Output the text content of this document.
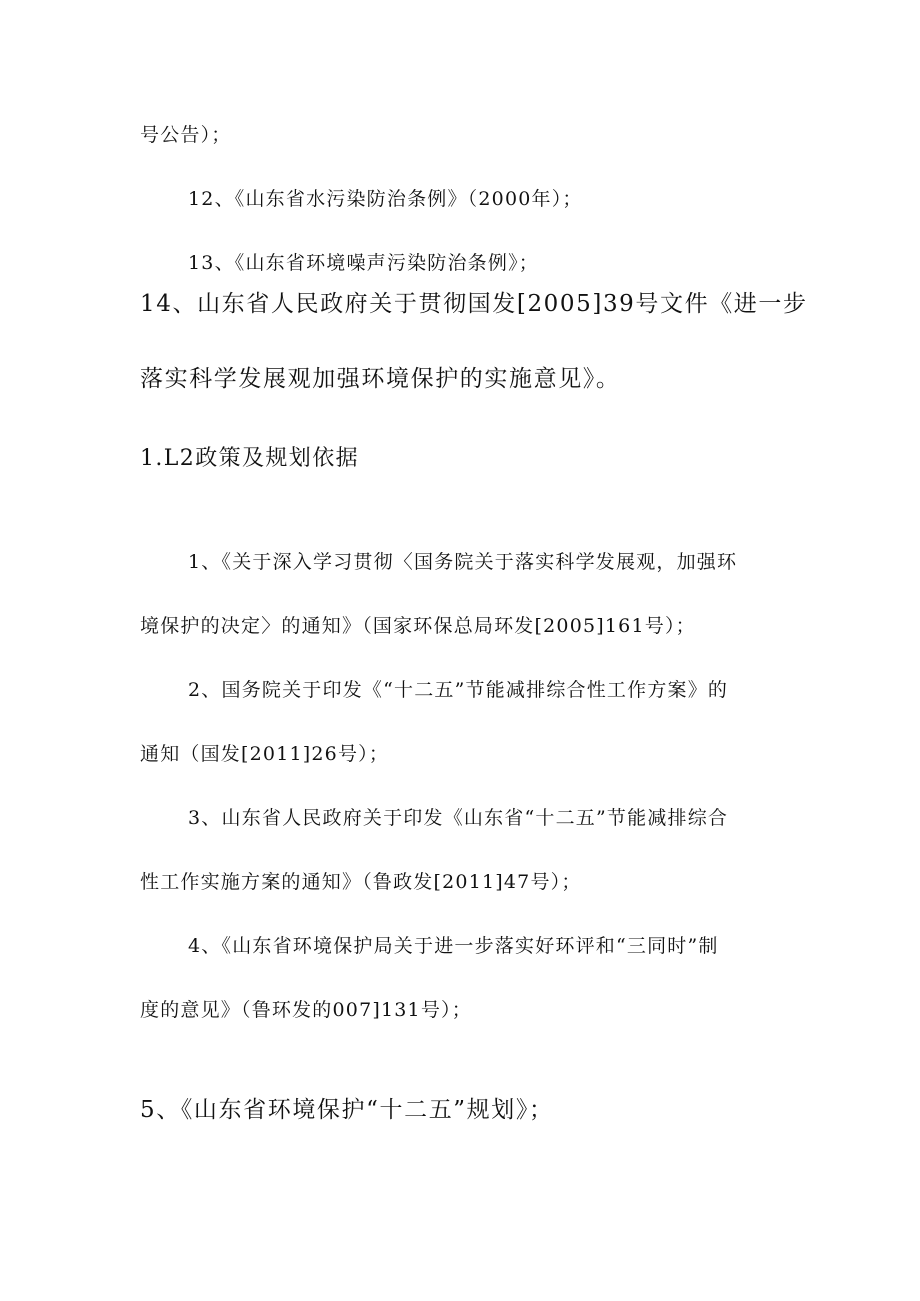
号公告）；
12、《山东省水污染防治条例》（2000年）；
13、《山东省环境噪声污染防治条例》；
14、山东省人民政府关于贯彻国发[2005]39号文件《进一步
落实科学发展观加强环境保护的实施意见》。
1.L2政策及规划依据
1、《关于深入学习贯彻〈国务院关于落实科学发展观，加强环
境保护的决定〉的通知》（国家环保总局环发[2005]161号）；
2、国务院关于印发《“十二五”节能减排综合性工作方案》的
通知（国发[2011]26号）；
3、山东省人民政府关于印发《山东省“十二五”节能减排综合
性工作实施方案的通知》（鲁政发[2011]47号）；
4、《山东省环境保护局关于进一步落实好环评和“三同时”制
度的意见》（鲁环发的007]131号）；
5、《山东省环境保护“十二五”规划》；
